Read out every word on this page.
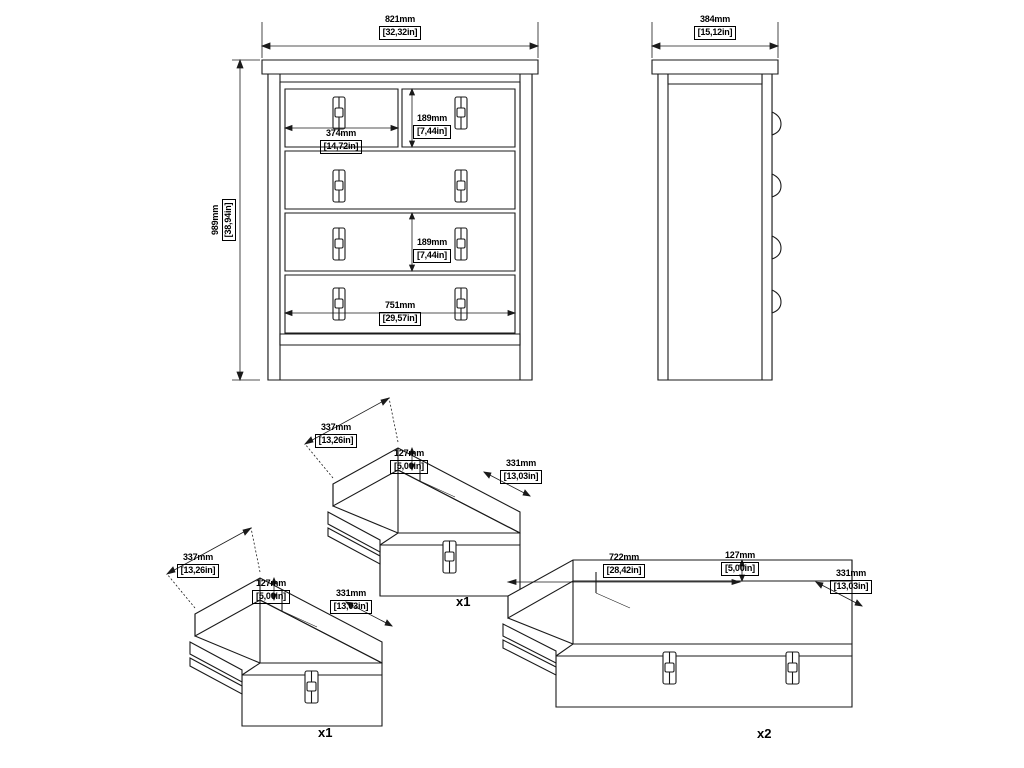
821mm
[32,32in]
989mm [38,94in]
374mm
[14,72in]
189mm
[7,44in]
189mm
[7,44in]
751mm
[29,57in]
384mm
[15,12in]
337mm
[13,26in]
127mm
[5,00in]	331mm
[13,03in]
x1
337mm
[13,26in]
127mm
[5,00in]	331mm
[13,03in]
x1
722mm
[28,42in]
127mm
[5,00in]	331mm
[13,03in]
x2
